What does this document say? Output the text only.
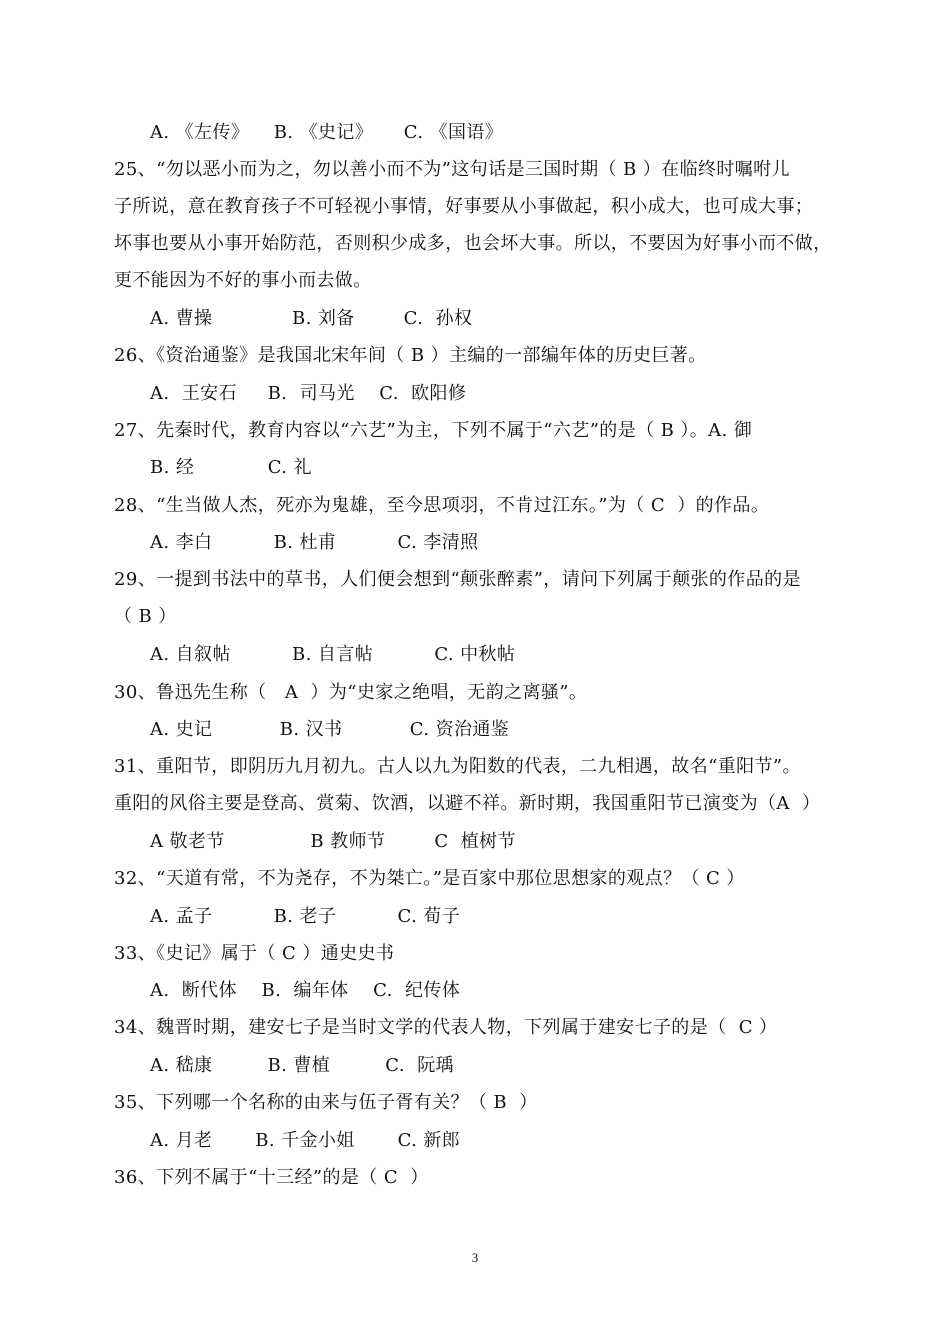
A. 《左传》    B. 《史记》     C. 《国语》
25、“勿以恶小而为之，勿以善小而不为”这句话是三国时期（ B ）在临终时嘱咐儿
子所说，意在教育孩子不可轻视小事情，好事要从小事做起，积小成大，也可成大事；
坏事也要从小事开始防范，否则积少成多，也会坏大事。所以，不要因为好事小而不做，
更不能因为不好的事小而去做。
A. 曹操             B. 刘备        C.  孙权
26、《资治通鉴》是我国北宋年间（ B ）主编的一部编年体的历史巨著。
A.  王安石     B.  司马光    C.  欧阳修
27、先秦时代，教育内容以“六艺”为主，下列不属于“六艺”的是（ B ）。A. 御
B. 经            C. 礼
28、“生当做人杰，死亦为鬼雄，至今思项羽，不肯过江东。”为（ C  ）的作品。
A. 李白          B. 杜甫          C. 李清照
29、一提到书法中的草书，人们便会想到“颠张醉素”，请问下列属于颠张的作品的是
（ B ）
A. 自叙帖          B. 自言帖          C. 中秋帖
30、鲁迅先生称（   A  ）为“史家之绝唱，无韵之离骚”。
A. 史记           B. 汉书           C. 资治通鉴
31、重阳节，即阴历九月初九。古人以九为阳数的代表，二九相遇，故名“重阳节”。
重阳的风俗主要是登高、赏菊、饮酒，以避不祥。新时期，我国重阳节已演变为（A  ）
A 敬老节              B 教师节        C  植树节
32、“天道有常，不为尧存，不为桀亡。”是百家中那位思想家的观点？（ C ）
A. 孟子          B. 老子          C. 荀子
33、《史记》属于（ C ）通史史书
A.  断代体    B.  编年体    C.  纪传体
34、魏晋时期，建安七子是当时文学的代表人物，下列属于建安七子的是（  C ）
A. 嵇康         B. 曹植         C.  阮瑀
35、下列哪一个名称的由来与伍子胥有关？（ B  ）
A. 月老       B. 千金小姐       C. 新郎
36、下列不属于“十三经”的是（ C  ）
3
